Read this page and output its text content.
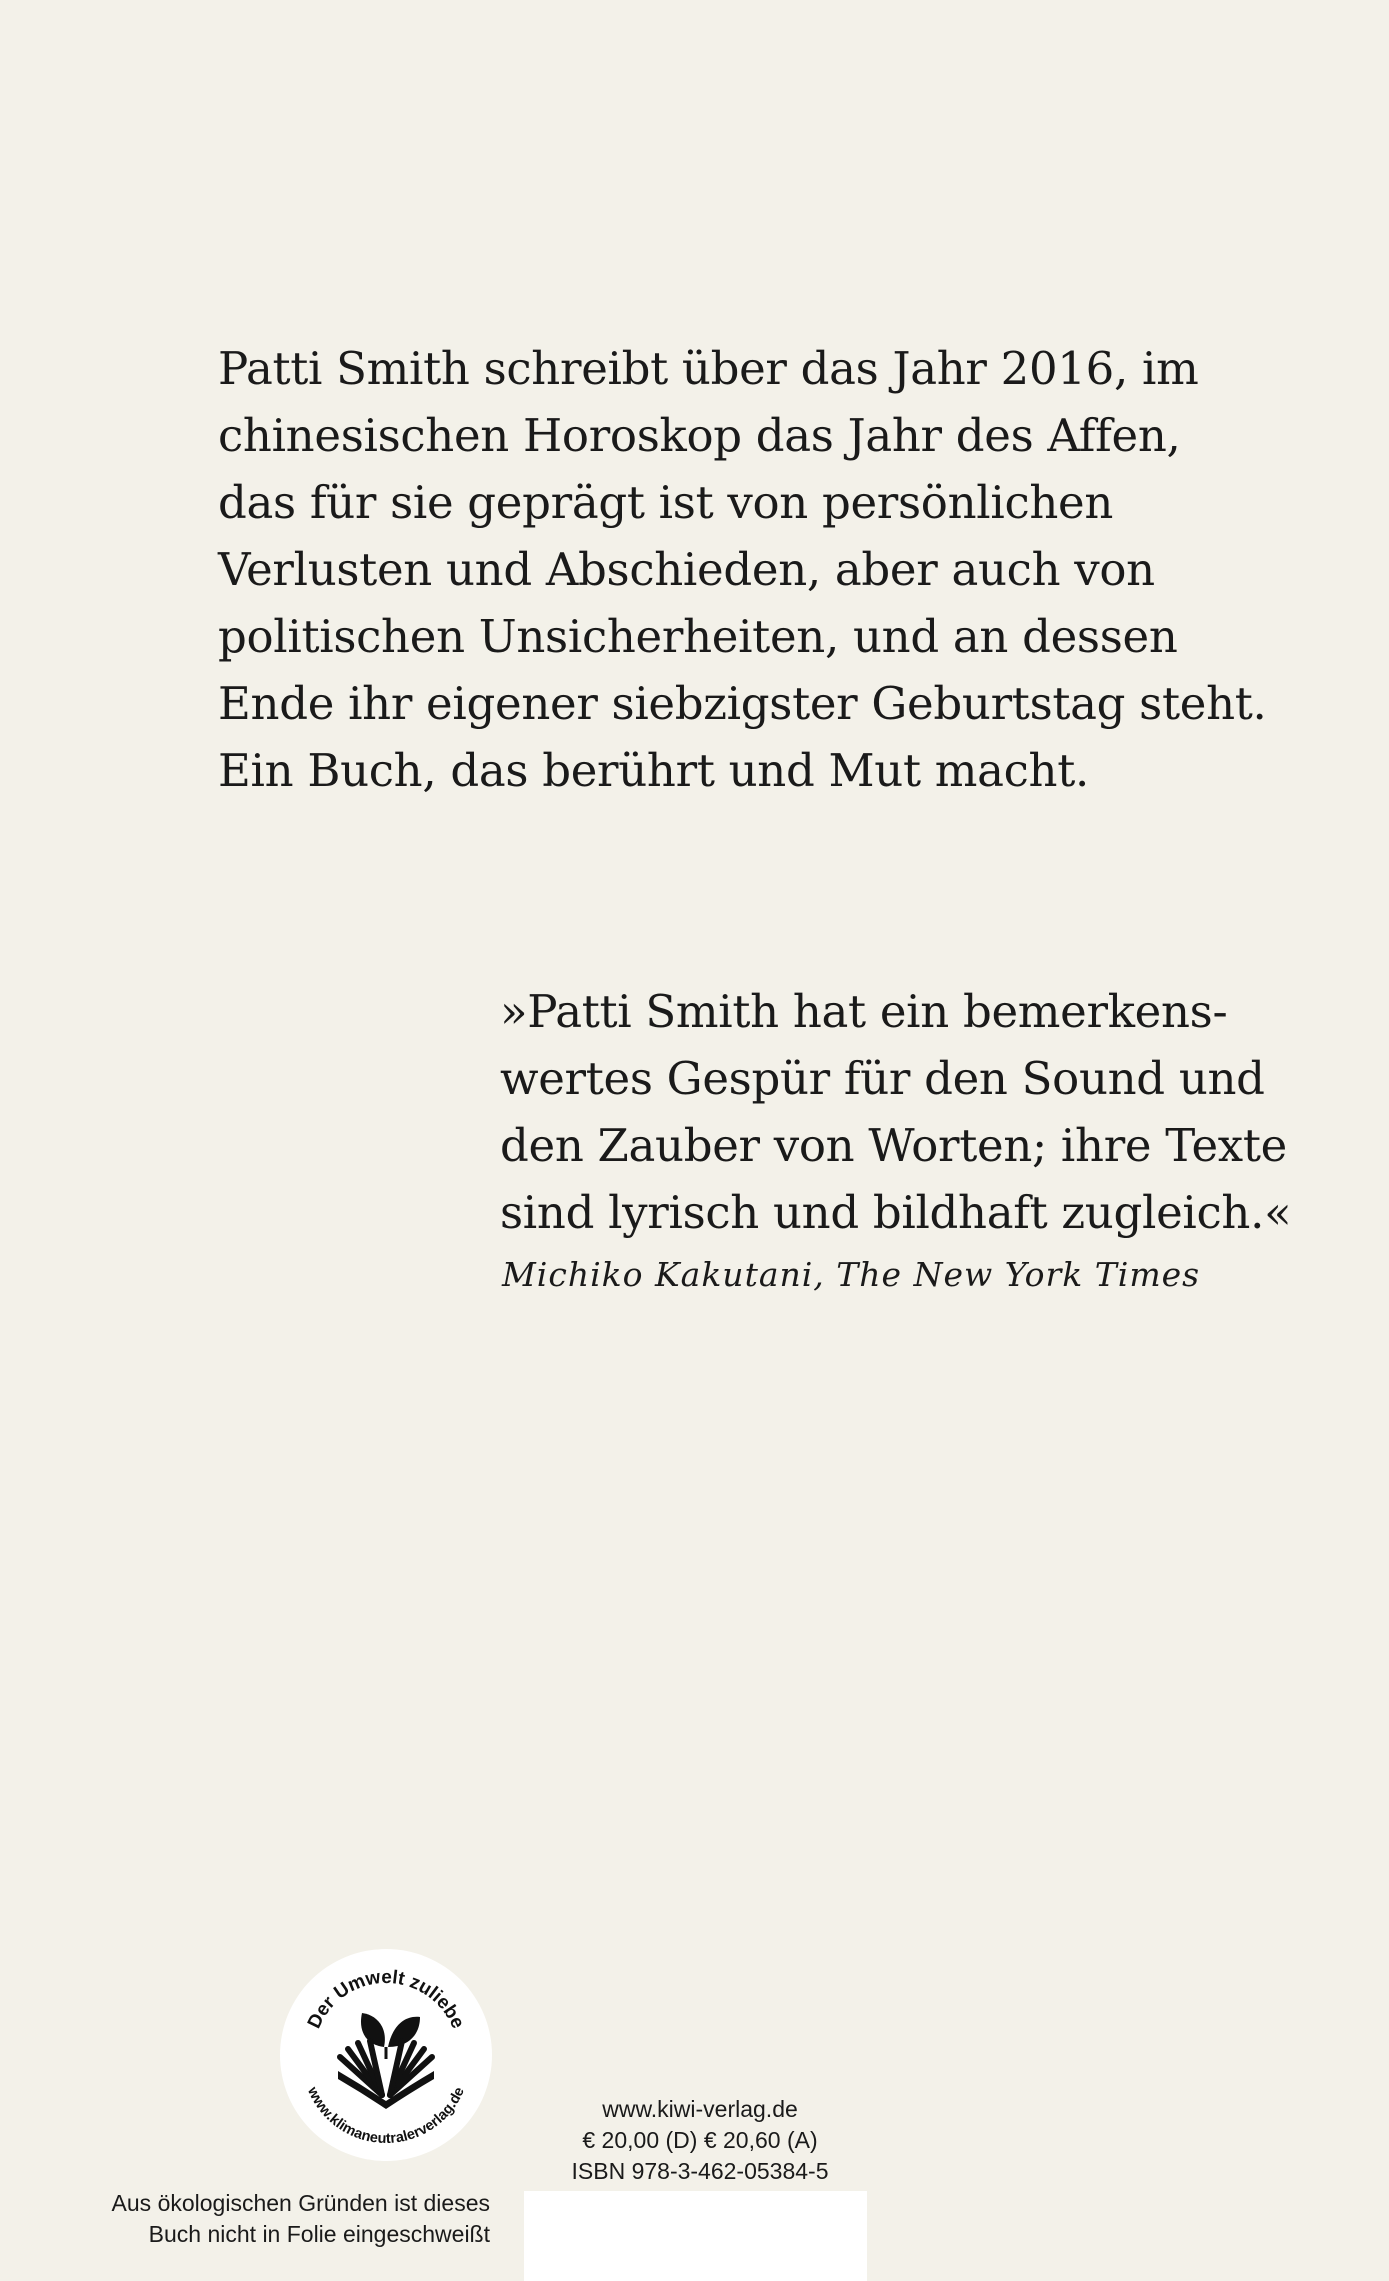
Patti Smith schreibt über das Jahr 2016, im
chinesischen Horoskop das Jahr des Affen,
das für sie geprägt ist von persönlichen
Verlusten und Abschieden, aber auch von
politischen Unsicherheiten, und an dessen
Ende ihr eigener siebzigster Geburtstag steht.
Ein Buch, das berührt und Mut macht.
»Patti Smith hat ein bemerkens-
wertes Gespür für den Sound und
den Zauber von Worten; ihre Texte
sind lyrisch und bildhaft zugleich.«
Michiko Kakutani, The New York Times
Der Umwelt zuliebe
www.klimaneutralerverlag.de
Aus ökologischen Gründen ist dieses
Buch nicht in Folie eingeschweißt
www.kiwi-verlag.de
€ 20,00 (D) € 20,60 (A)
ISBN 978-3-462-05384-5
